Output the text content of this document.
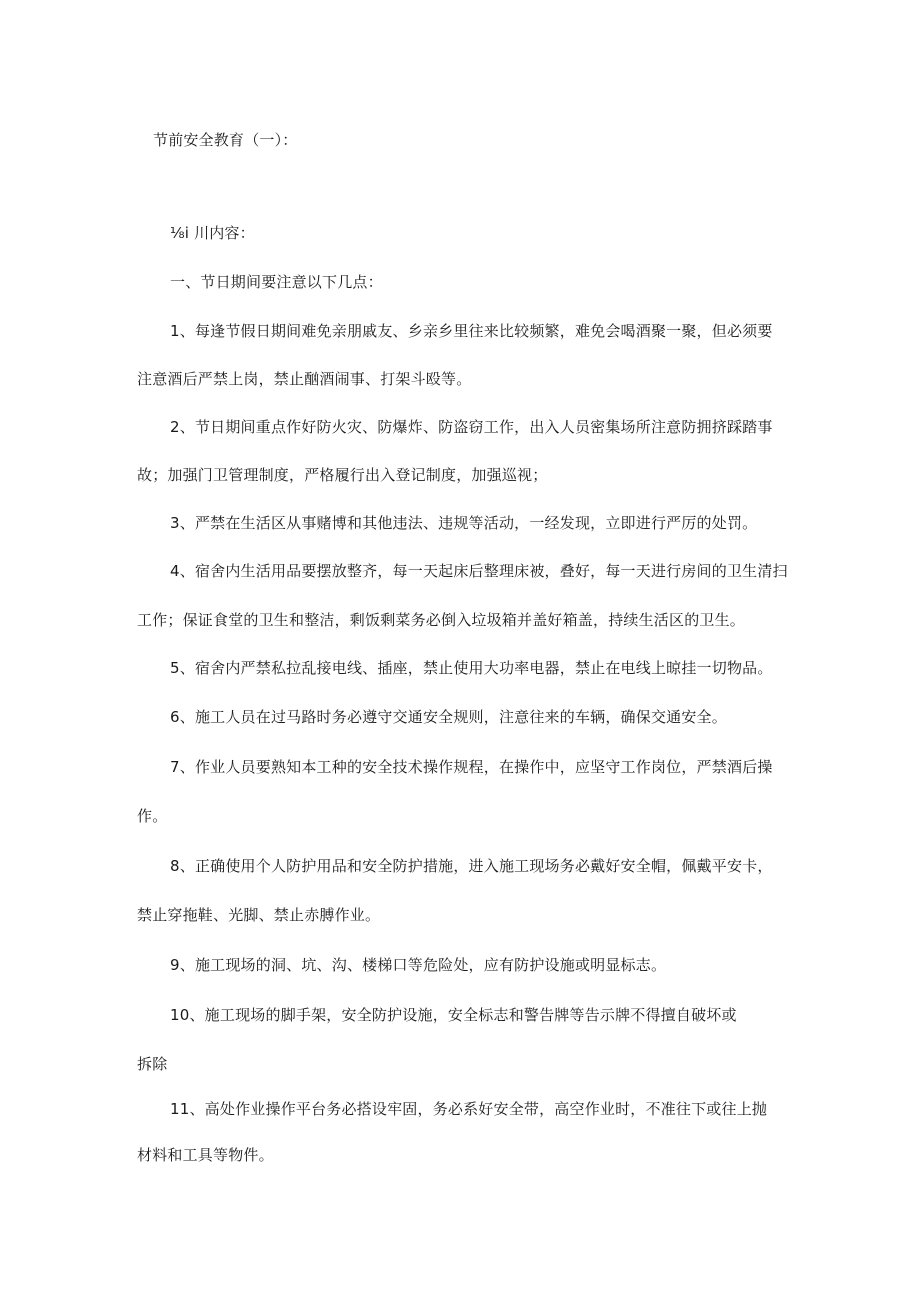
节前安全教育（一）：
⅛i 川内容：
一、节日期间要注意以下几点：
1、每逢节假日期间难免亲朋戚友、乡亲乡里往来比较频繁，难免会喝酒聚一聚，但必须要
注意酒后严禁上岗，禁止酗酒闹事、打架斗殴等。
2、节日期间重点作好防火灾、防爆炸、防盗窃工作，出入人员密集场所注意防拥挤踩踏事
故；加强门卫管理制度，严格履行出入登记制度，加强巡视；
3、严禁在生活区从事赌博和其他违法、违规等活动，一经发现，立即进行严厉的处罚。
4、宿舍内生活用品要摆放整齐，每一天起床后整理床被，叠好，每一天进行房间的卫生清扫
工作；保证食堂的卫生和整洁，剩饭剩菜务必倒入垃圾箱并盖好箱盖，持续生活区的卫生。
5、宿舍内严禁私拉乱接电线、插座，禁止使用大功率电器，禁止在电线上晾挂一切物品。
6、施工人员在过马路时务必遵守交通安全规则，注意往来的车辆，确保交通安全。
7、作业人员要熟知本工种的安全技术操作规程，在操作中，应坚守工作岗位，严禁酒后操
作。
8、正确使用个人防护用品和安全防护措施，进入施工现场务必戴好安全帽，佩戴平安卡，
禁止穿拖鞋、光脚、禁止赤膊作业。
9、施工现场的洞、坑、沟、楼梯口等危险处，应有防护设施或明显标志。
10、施工现场的脚手架，安全防护设施，安全标志和警告牌等告示牌不得擅自破坏或
拆除
11、高处作业操作平台务必搭设牢固，务必系好安全带，高空作业时，不准往下或往上抛
材料和工具等物件。
